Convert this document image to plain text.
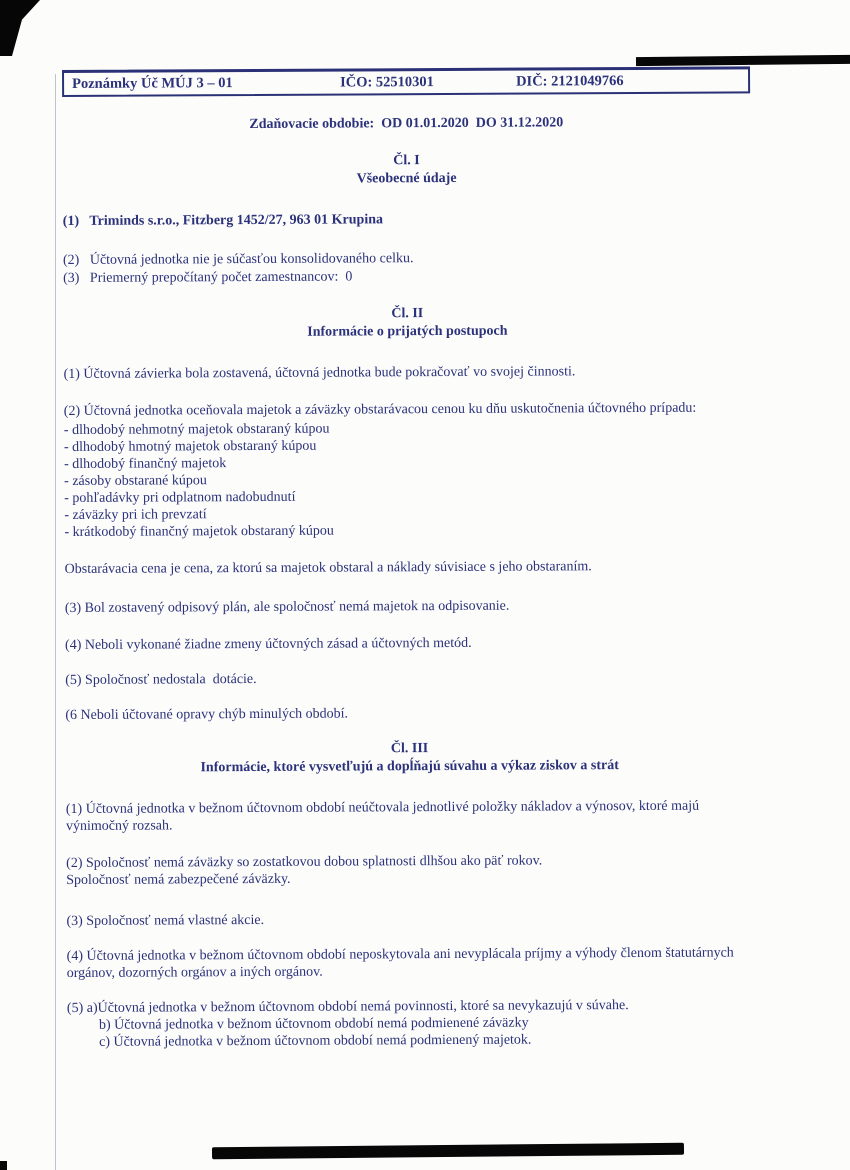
Poznámky Úč MÚJ 3 – 01	IČO: 52510301	DIČ: 2121049766

Zdaňovacie obdobie:  OD 01.01.2020  DO 31.12.2020

Čl. I

Všeobecné údaje

(1)   Triminds s.r.o., Fitzberg 1452/27, 963 01 Krupina

(2)   Účtovná jednotka nie je súčasťou konsolidovaného celku.

(3)   Priemerný prepočítaný počet zamestnancov:  0

Čl. II

Informácie o prijatých postupoch

(1) Účtovná závierka bola zostavená, účtovná jednotka bude pokračovať vo svojej činnosti.

(2) Účtovná jednotka oceňovala majetok a záväzky obstarávacou cenou ku dňu uskutočnenia účtovného prípadu:

- dlhodobý nehmotný majetok obstaraný kúpou

- dlhodobý hmotný majetok obstaraný kúpou

- dlhodobý finančný majetok

- zásoby obstarané kúpou

- pohľadávky pri odplatnom nadobudnutí

- záväzky pri ich prevzatí

- krátkodobý finančný majetok obstaraný kúpou

Obstarávacia cena je cena, za ktorú sa majetok obstaral a náklady súvisiace s jeho obstaraním.

(3) Bol zostavený odpisový plán, ale spoločnosť nemá majetok na odpisovanie.

(4) Neboli vykonané žiadne zmeny účtovných zásad a účtovných metód.

(5) Spoločnosť nedostala  dotácie.

(6 Neboli účtované opravy chýb minulých období.

Čl. III

Informácie, ktoré vysvetľujú a dopĺňajú súvahu a výkaz ziskov a strát

(1) Účtovná jednotka v bežnom účtovnom období neúčtovala jednotlivé položky nákladov a výnosov, ktoré majú výnimočný rozsah.

(2) Spoločnosť nemá záväzky so zostatkovou dobou splatnosti dlhšou ako päť rokov.

Spoločnosť nemá zabezpečené záväzky.

(3) Spoločnosť nemá vlastné akcie.

(4) Účtovná jednotka v bežnom účtovnom období neposkytovala ani nevyplácala príjmy a výhody členom štatutárnych orgánov, dozorných orgánov a iných orgánov.

(5) a)Účtovná jednotka v bežnom účtovnom období nemá povinnosti, ktoré sa nevykazujú v súvahe.

b) Účtovná jednotka v bežnom účtovnom období nemá podmienené záväzky

c) Účtovná jednotka v bežnom účtovnom období nemá podmienený majetok.
